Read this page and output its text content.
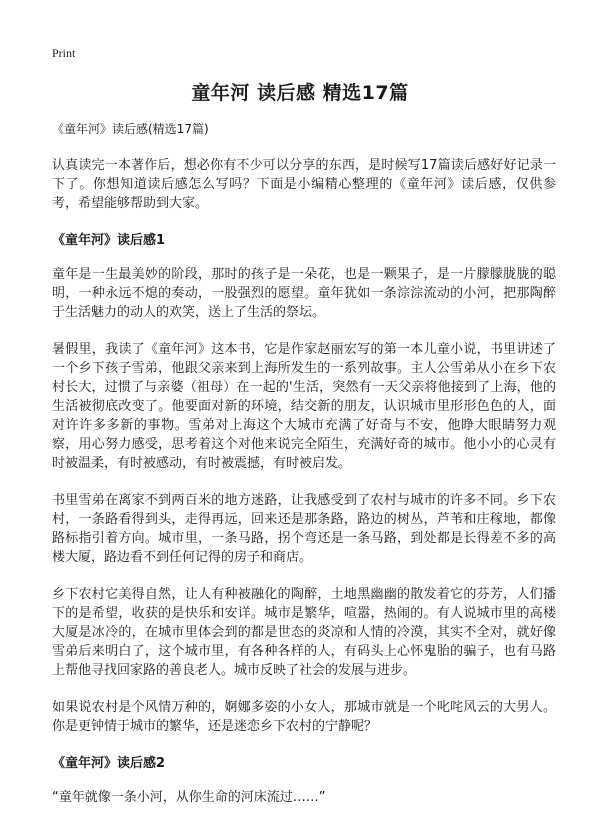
Print
童年河 读后感 精选17篇

《童年河》读后感(精选17篇)

认真读完一本著作后，想必你有不少可以分享的东西，是时候写17篇读后感好好记录一下了。你想知道读后感怎么写吗？下面是小编精心整理的《童年河》读后感，仅供参考，希望能够帮助到大家。

《童年河》读后感1

童年是一生最美妙的阶段，那时的孩子是一朵花，也是一颗果子，是一片朦朦胧胧的聪明，一种永远不熄的奏动，一股强烈的愿望。童年犹如一条淙淙流动的小河，把那陶醉于生活魅力的动人的欢笑，送上了生活的祭坛。

暑假里，我读了《童年河》这本书，它是作家赵丽宏写的第一本儿童小说，书里讲述了一个乡下孩子雪弟，他跟父亲来到上海所发生的一系列故事。主人公雪弟从小在乡下农村长大，过惯了与亲婆（祖母）在一起的'生活，突然有一天父亲将他接到了上海，他的生活被彻底改变了。他要面对新的环境，结交新的朋友，认识城市里形形色色的人，面对许许多多新的事物。雪弟对上海这个大城市充满了好奇与不安，他睁大眼睛努力观察，用心努力感受，思考着这个对他来说完全陌生，充满好奇的城市。他小小的心灵有时被温柔，有时被感动，有时被震撼，有时被启发。

书里雪弟在离家不到两百米的地方迷路，让我感受到了农村与城市的许多不同。乡下农村，一条路看得到头，走得再远，回来还是那条路，路边的树丛，芦苇和庄稼地，都像路标指引着方向。城市里，一条马路，拐个弯还是一条马路，到处都是长得差不多的高楼大厦，路边看不到任何记得的房子和商店。

乡下农村它美得自然，让人有种被融化的陶醉，土地黑幽幽的散发着它的芬芳，人们播下的是希望，收获的是快乐和安详。城市是繁华，喧嚣，热闹的。有人说城市里的高楼大厦是冰冷的，在城市里体会到的都是世态的炎凉和人情的冷漠，其实不全对，就好像雪弟后来明白了，这个城市里，有各种各样的人，有码头上心怀鬼胎的骗子，也有马路上帮他寻找回家路的善良老人。城市反映了社会的发展与进步。

如果说农村是个风情万种的，婀娜多姿的小女人，那城市就是一个叱咤风云的大男人。你是更钟情于城市的繁华，还是迷恋乡下农村的宁静呢？

《童年河》读后感2

“童年就像一条小河，从你生命的河床流过……”
